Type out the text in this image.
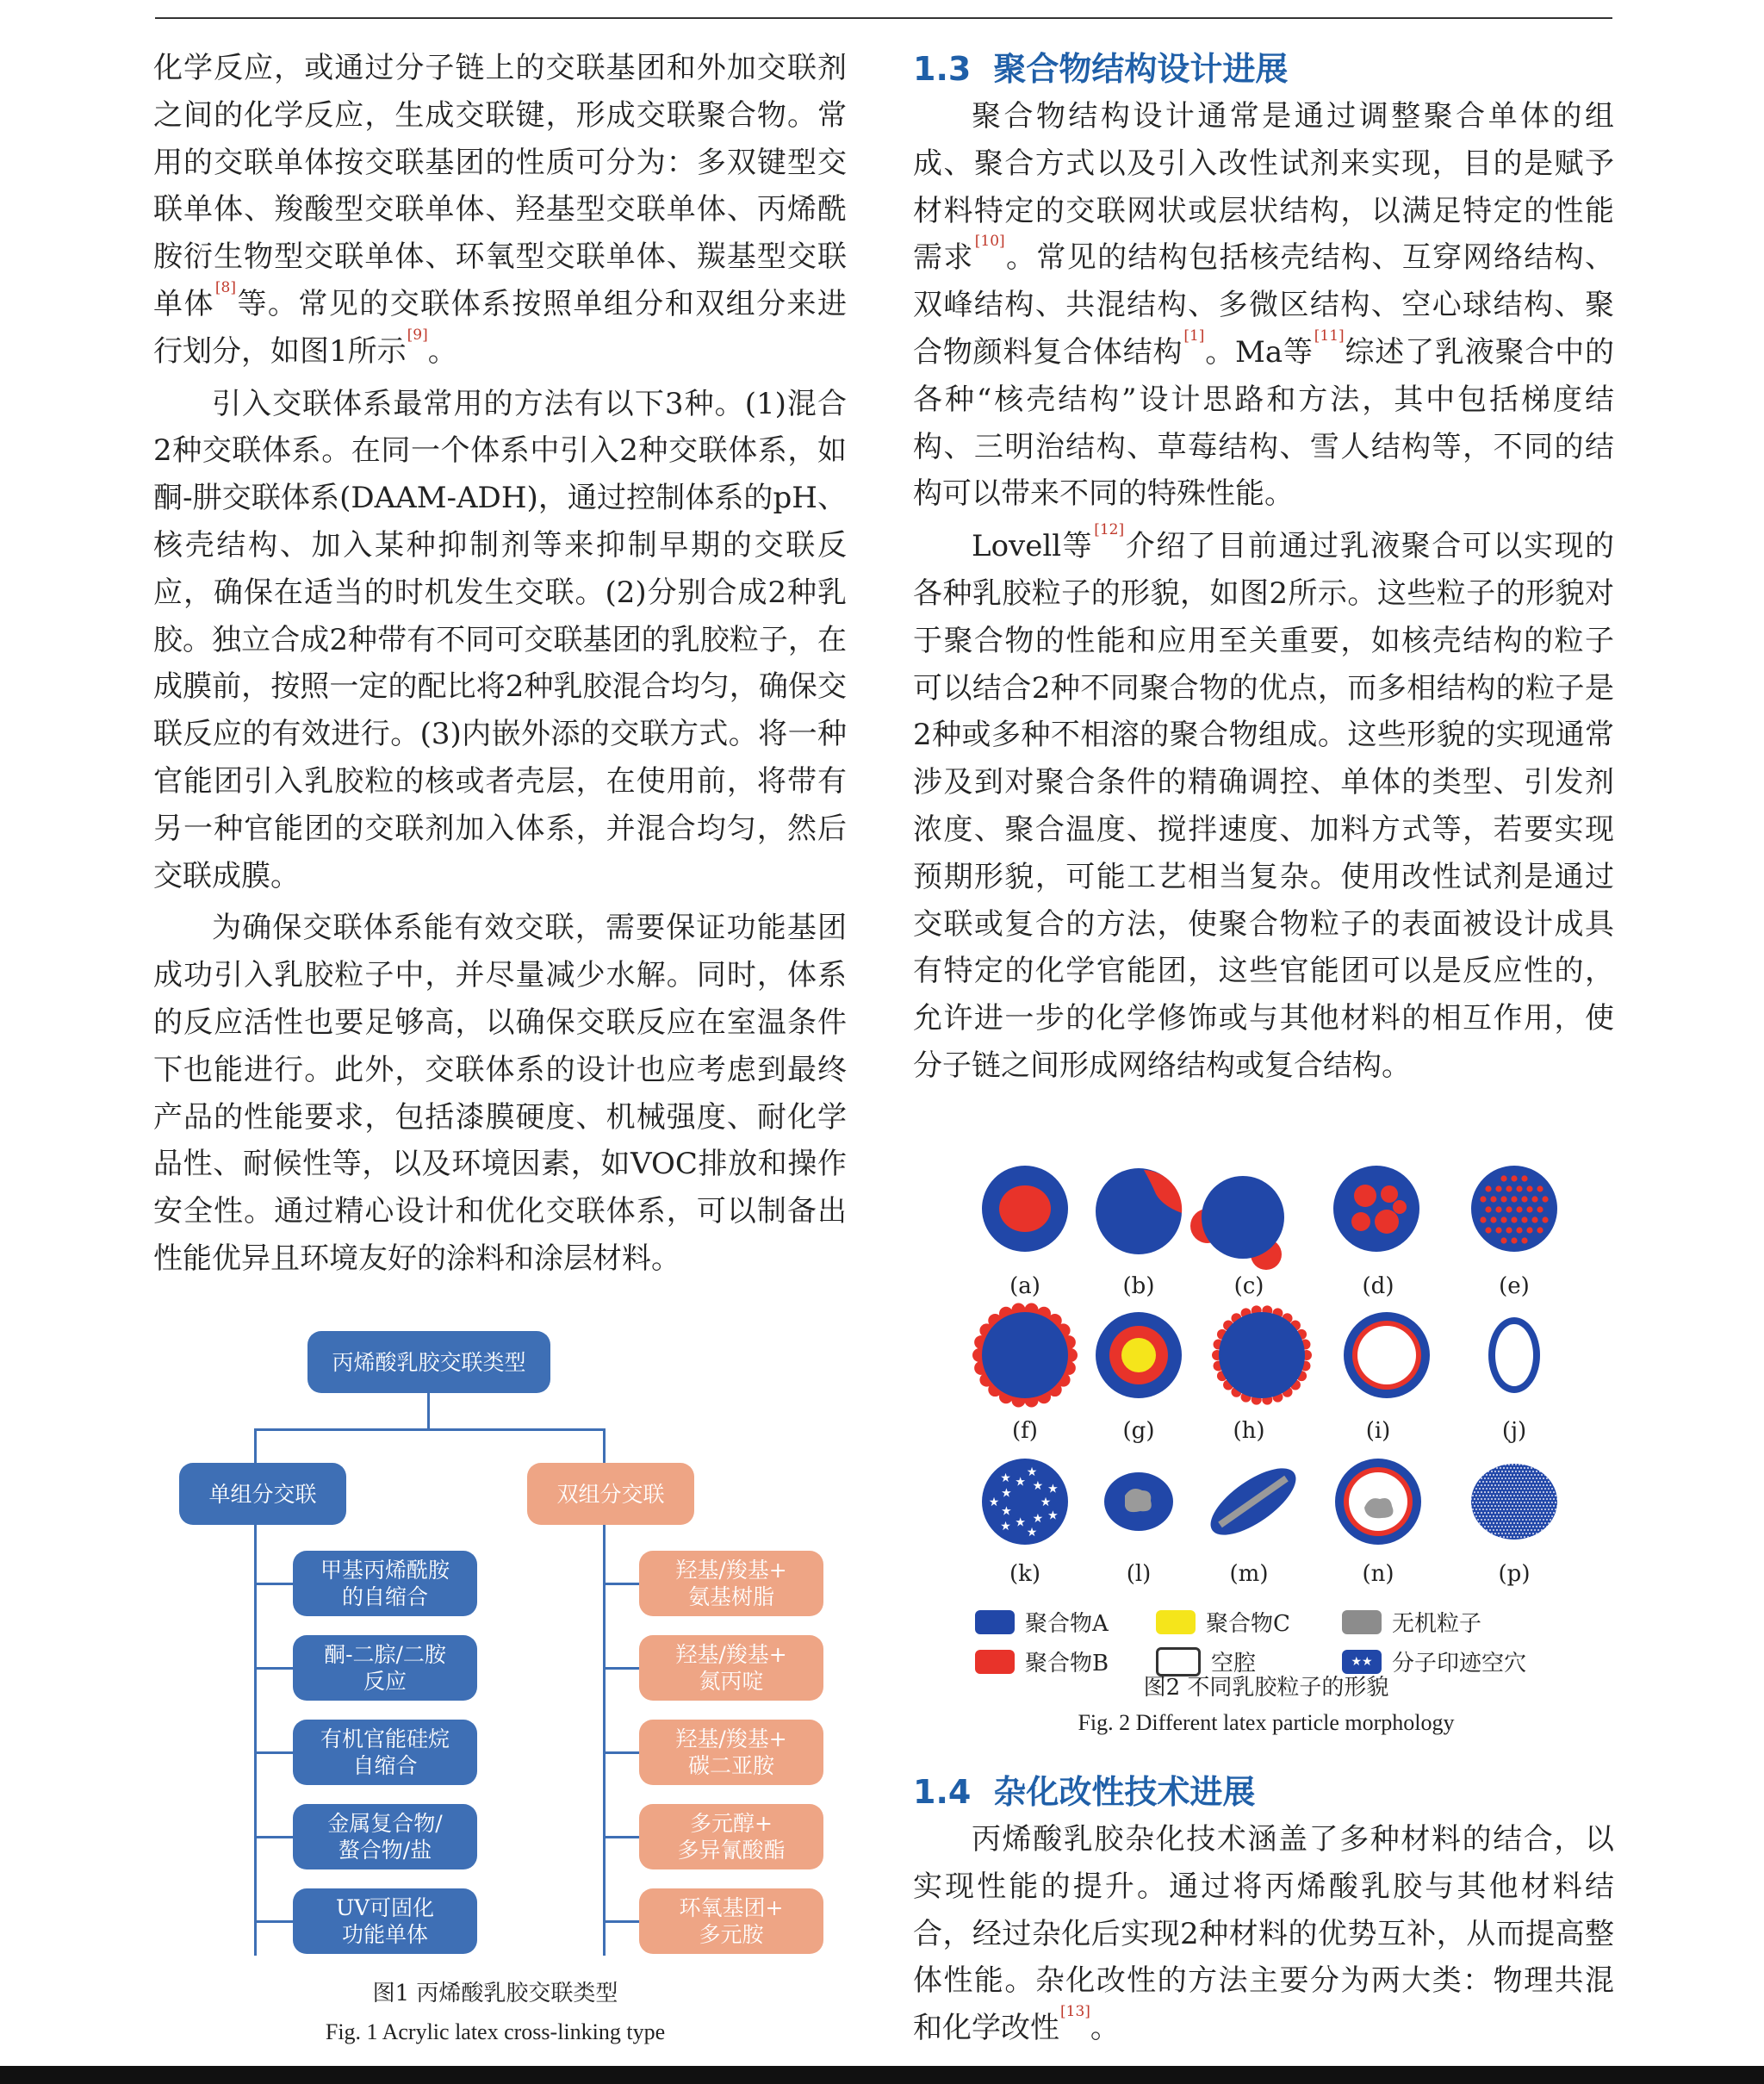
化学反应，或通过分子链上的交联基团和外加交联剂之间的化学反应，生成交联键，形成交联聚合物。常用的交联单体按交联基团的性质可分为：多双键型交联单体、羧酸型交联单体、羟基型交联单体、丙烯酰胺衍生物型交联单体、环氧型交联单体、羰基型交联单体[8]等。常见的交联体系按照单组分和双组分来进行划分，如图1所示[9]。

引入交联体系最常用的方法有以下3种。(1)混合2种交联体系。在同一个体系中引入2种交联体系，如酮-肼交联体系(DAAM-ADH)，通过控制体系的pH、核壳结构、加入某种抑制剂等来抑制早期的交联反应，确保在适当的时机发生交联。(2)分别合成2种乳胶。独立合成2种带有不同可交联基团的乳胶粒子，在成膜前，按照一定的配比将2种乳胶混合均匀，确保交联反应的有效进行。(3)内嵌外添的交联方式。将一种官能团引入乳胶粒的核或者壳层，在使用前，将带有另一种官能团的交联剂加入体系，并混合均匀，然后交联成膜。

为确保交联体系能有效交联，需要保证功能基团成功引入乳胶粒子中，并尽量减少水解。同时，体系的反应活性也要足够高，以确保交联反应在室温条件下也能进行。此外，交联体系的设计也应考虑到最终产品的性能要求，包括漆膜硬度、机械强度、耐化学品性、耐候性等，以及环境因素，如VOC排放和操作安全性。通过精心设计和优化交联体系，可以制备出性能优异且环境友好的涂料和涂层材料。

丙烯酸乳胶交联类型
单组分交联	双组分交联
甲基丙烯酰胺
的自缩合
酮-二腙/二胺
反应
有机官能硅烷
自缩合
金属复合物/
螯合物/盐
UV可固化
功能单体
羟基/羧基+
氨基树脂
羟基/羧基+
氮丙啶
羟基/羧基+
碳二亚胺
多元醇+
多异氰酸酯
环氧基团+
多元胺
图1 丙烯酸乳胶交联类型
Fig. 1 Acrylic latex cross-linking type
1.3 聚合物结构设计进展

聚合物结构设计通常是通过调整聚合单体的组成、聚合方式以及引入改性试剂来实现，目的是赋予材料特定的交联网状或层状结构，以满足特定的性能需求[10]。常见的结构包括核壳结构、互穿网络结构、双峰结构、共混结构、多微区结构、空心球结构、聚合物颜料复合体结构[1]。Ma等[11]综述了乳液聚合中的各种“核壳结构”设计思路和方法，其中包括梯度结构、三明治结构、草莓结构、雪人结构等，不同的结构可以带来不同的特殊性能。

Lovell等[12]介绍了目前通过乳液聚合可以实现的各种乳胶粒子的形貌，如图2所示。这些粒子的形貌对于聚合物的性能和应用至关重要，如核壳结构的粒子可以结合2种不同聚合物的优点，而多相结构的粒子是2种或多种不相溶的聚合物组成。这些形貌的实现通常涉及到对聚合条件的精确调控、单体的类型、引发剂浓度、聚合温度、搅拌速度、加料方式等，若要实现预期形貌，可能工艺相当复杂。使用改性试剂是通过交联或复合的方法，使聚合物粒子的表面被设计成具有特定的化学官能团，这些官能团可以是反应性的，允许进一步的化学修饰或与其他材料的相互作用，使分子链之间形成网络结构或复合结构。

★
★
★
★
★
★
★
★
★
★ ★
★
★ ★
(a)	(b)	(c)	(d)	(e)
(f)	(g)	(h)	(i)	(j)
(k)	(l)	(m)	(n)	(p)
聚合物A	聚合物C	无机粒子
聚合物B	空腔	★★ 分子印迹空穴
图2 不同乳胶粒子的形貌
Fig. 2 Different latex particle morphology
1.4 杂化改性技术进展

丙烯酸乳胶杂化技术涵盖了多种材料的结合，以实现性能的提升。通过将丙烯酸乳胶与其他材料结合，经过杂化后实现2种材料的优势互补，从而提高整体性能。杂化改性的方法主要分为两大类：物理共混和化学改性[13]。
